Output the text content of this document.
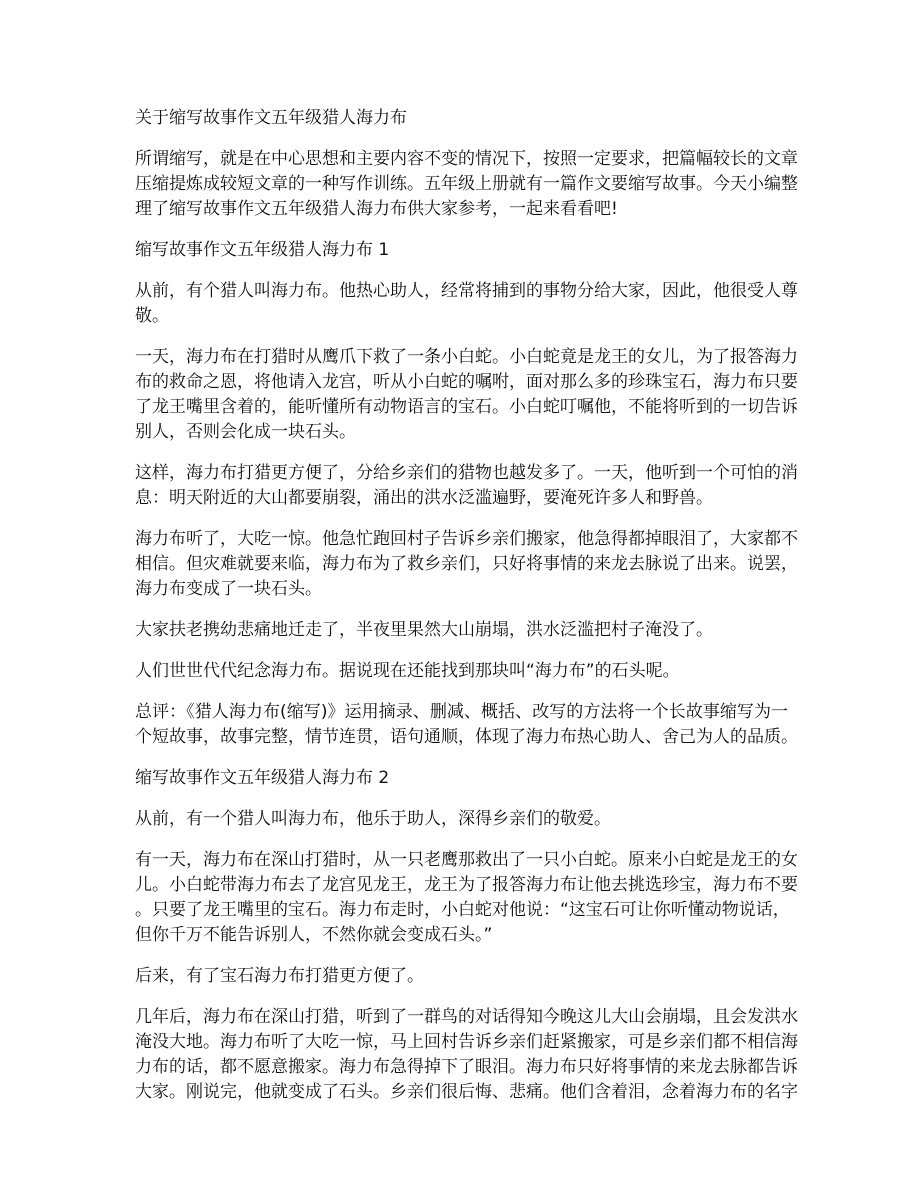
关于缩写故事作文五年级猎人海力布
所谓缩写，就是在中心思想和主要内容不变的情况下，按照一定要求，把篇幅较长的文章
压缩提炼成较短文章的一种写作训练。五年级上册就有一篇作文要缩写故事。今天小编整
理了缩写故事作文五年级猎人海力布供大家参考，一起来看看吧!
缩写故事作文五年级猎人海力布 1
从前，有个猎人叫海力布。他热心助人，经常将捕到的事物分给大家，因此，他很受人尊
敬。
一天，海力布在打猎时从鹰爪下救了一条小白蛇。小白蛇竟是龙王的女儿，为了报答海力
布的救命之恩，将他请入龙宫，听从小白蛇的嘱咐，面对那么多的珍珠宝石，海力布只要
了龙王嘴里含着的，能听懂所有动物语言的宝石。小白蛇叮嘱他，不能将听到的一切告诉
别人，否则会化成一块石头。
这样，海力布打猎更方便了，分给乡亲们的猎物也越发多了。一天，他听到一个可怕的消
息：明天附近的大山都要崩裂，涌出的洪水泛滥遍野，要淹死许多人和野兽。
海力布听了，大吃一惊。他急忙跑回村子告诉乡亲们搬家，他急得都掉眼泪了，大家都不
相信。但灾难就要来临，海力布为了救乡亲们，只好将事情的来龙去脉说了出来。说罢，
海力布变成了一块石头。
大家扶老携幼悲痛地迁走了，半夜里果然大山崩塌，洪水泛滥把村子淹没了。
人们世世代代纪念海力布。据说现在还能找到那块叫“海力布”的石头呢。
总评：《猎人海力布(缩写)》运用摘录、删减、概括、改写的方法将一个长故事缩写为一
个短故事，故事完整，情节连贯，语句通顺，体现了海力布热心助人、舍己为人的品质。
缩写故事作文五年级猎人海力布 2
从前，有一个猎人叫海力布，他乐于助人，深得乡亲们的敬爱。
有一天，海力布在深山打猎时，从一只老鹰那救出了一只小白蛇。原来小白蛇是龙王的女
儿。小白蛇带海力布去了龙宫见龙王，龙王为了报答海力布让他去挑选珍宝，海力布不要
。只要了龙王嘴里的宝石。海力布走时，小白蛇对他说：“这宝石可让你听懂动物说话，
但你千万不能告诉别人，不然你就会变成石头。”
后来，有了宝石海力布打猎更方便了。
几年后，海力布在深山打猎，听到了一群鸟的对话得知今晚这儿大山会崩塌，且会发洪水
淹没大地。海力布听了大吃一惊，马上回村告诉乡亲们赶紧搬家，可是乡亲们都不相信海
力布的话，都不愿意搬家。海力布急得掉下了眼泪。海力布只好将事情的来龙去脉都告诉
大家。刚说完，他就变成了石头。乡亲们很后悔、悲痛。他们含着泪，念着海力布的名字
